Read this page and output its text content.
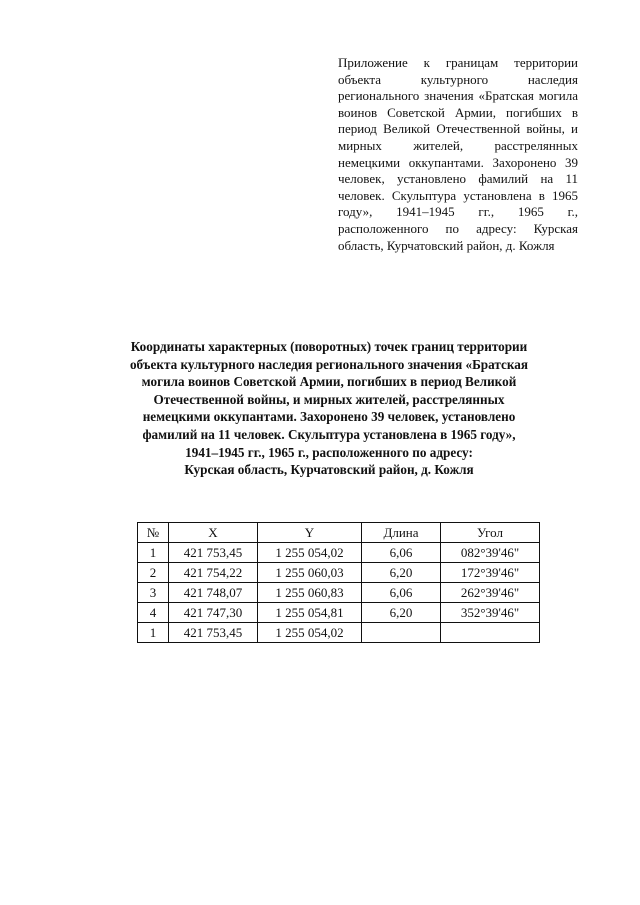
Приложение к границам территории объекта культурного наследия регионального значения «Братская могила воинов Советской Армии, погибших в период Великой Отечественной войны, и мирных жителей, расстрелянных немецкими оккупантами. Захоронено 39 человек, установлено фамилий на 11 человек. Скульптура установлена в 1965 году», 1941–1945 гг., 1965 г., расположенного по адресу: Курская область, Курчатовский район, д. Кожля
Координаты характерных (поворотных) точек границ территории
объекта культурного наследия регионального значения «Братская
могила воинов Советской Армии, погибших в период Великой
Отечественной войны, и мирных жителей, расстрелянных
немецкими оккупантами. Захоронено 39 человек, установлено
фамилий на 11 человек. Скульптура установлена в 1965 году»,
1941–1945 гг., 1965 г., расположенного по адресу:
Курская область, Курчатовский район, д. Кожля
№	X	Y	Длина	Угол
1	421 753,45	1 255 054,02	6,06	082°39'46"
2	421 754,22	1 255 060,03	6,20	172°39'46"
3	421 748,07	1 255 060,83	6,06	262°39'46"
4	421 747,30	1 255 054,81	6,20	352°39'46"
1	421 753,45	1 255 054,02		
